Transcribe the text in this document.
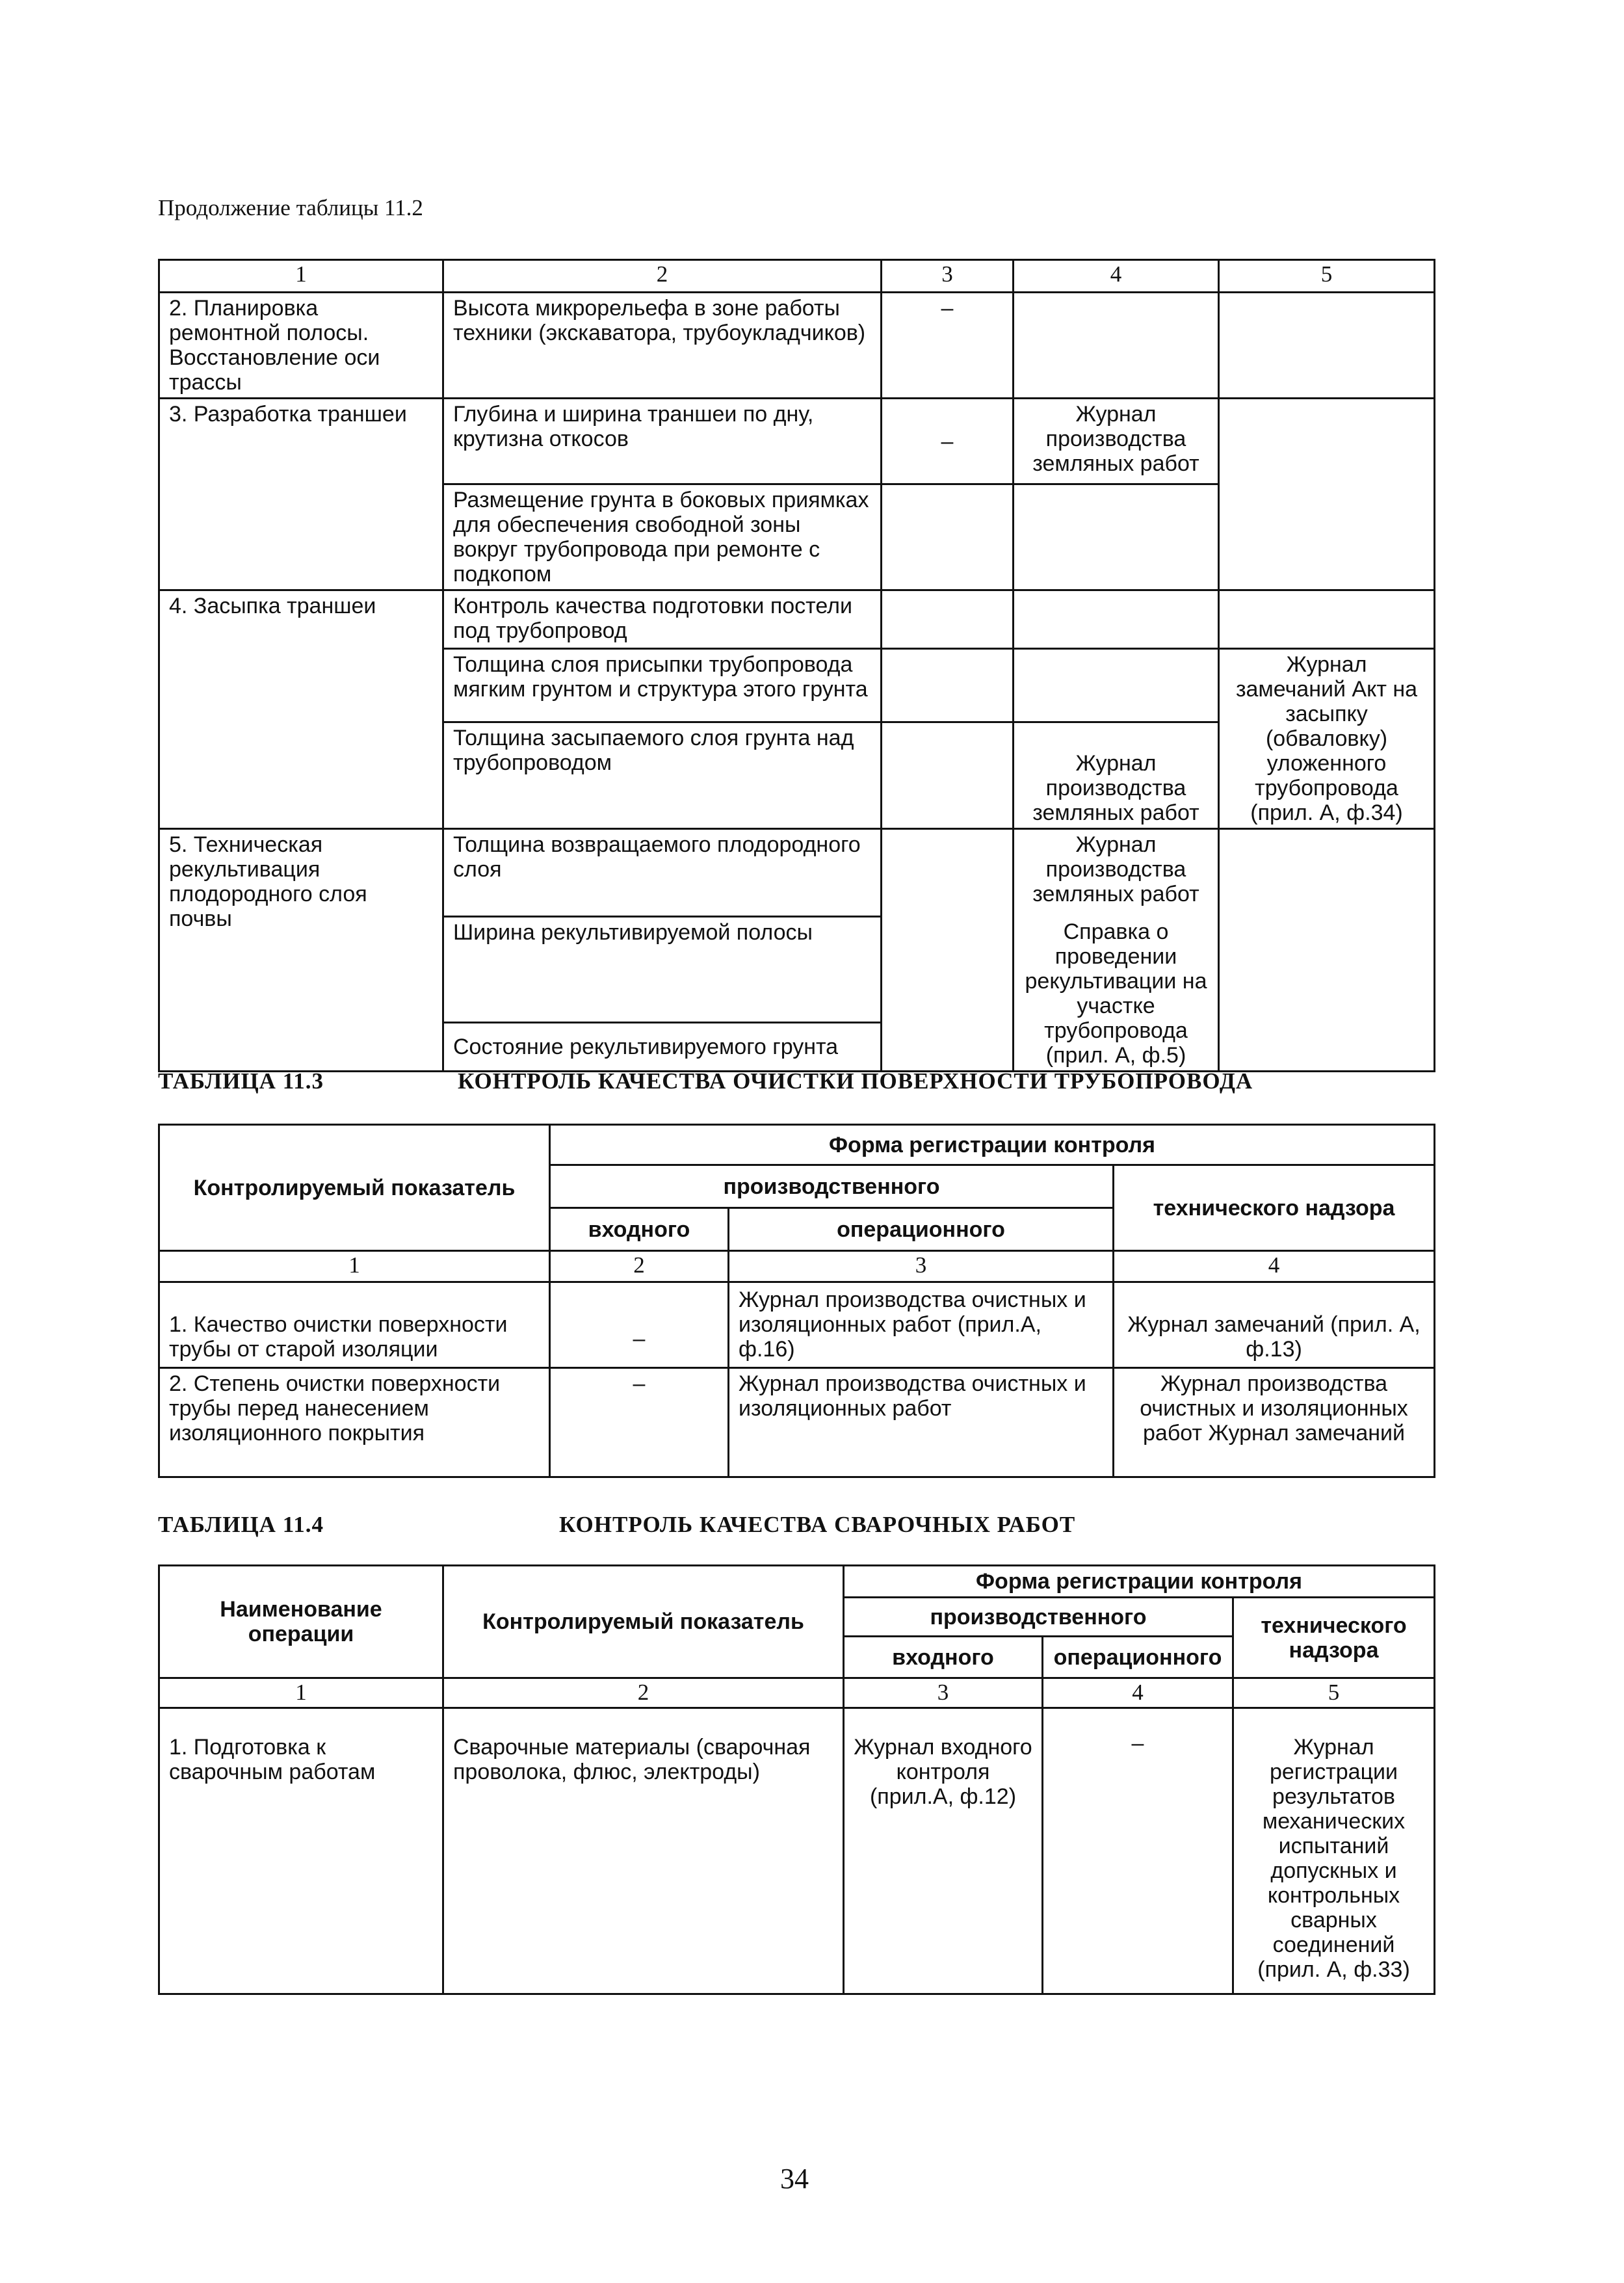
Продолжение таблицы 11.2
1	2	3	4	5
2. Планировка ремонтной полосы. Восстановление оси трассы	Высота микрорельефа в зоне работы техники (экскаватора, трубоукладчиков)	–		
3. Разработка траншеи	Глубина и ширина траншеи по дну, крутизна откосов	–	Журнал производства земляных работ	
	Размещение грунта в боковых приямках для обеспечения свободной зоны вокруг трубопровода при ремонте с подкопом			
4. Засыпка траншеи	Контроль качества подготовки постели под трубопровод			
	Толщина слоя присыпки трубопровода мягким грунтом и структура этого грунта			Журнал замечаний Акт на засыпку (обваловку) уложенного трубопровода (прил. А, ф.34)
	Толщина засыпаемого слоя грунта над трубопроводом		Журнал производства земляных работ	
5. Техническая рекультивация плодородного слоя почвы	Толщина возвращаемого плодородного слоя		Журнал производства земляных работ	
	Ширина рекультивируемой полосы		Справка о проведении рекультивации на участке трубопровода (прил. А, ф.5)	
	Состояние рекультивируемого грунта			
ТАБЛИЦА 11.3	КОНТРОЛЬ КАЧЕСТВА ОЧИСТКИ ПОВЕРХНОСТИ ТРУБОПРОВОДА
Контролируемый показатель	Форма регистрации контроля		
	производственного		технического надзора
	входного	операционного	
1	2	3	4
1. Качество очистки поверхности трубы от старой изоляции	–	Журнал производства очистных и изоляционных работ (прил.А, ф.16)	Журнал замечаний (прил. А, ф.13)
2. Степень очистки поверхности трубы перед нанесением изоляционного покрытия	–	Журнал производства очистных и изоляционных работ	Журнал производства очистных и изоляционных работ Журнал замечаний
ТАБЛИЦА 11.4	КОНТРОЛЬ КАЧЕСТВА СВАРОЧНЫХ РАБОТ
Наименование операции	Контролируемый показатель	Форма регистрации контроля		
		производственного		технического надзора
		входного	операционного	
1	2	3	4	5
1. Подготовка к сварочным работам	Сварочные материалы (сварочная проволока, флюс, электроды)	Журнал входного контроля (прил.А, ф.12)	–	Журнал регистрации результатов механических испытаний допускных и контрольных сварных соединений (прил. А, ф.33)
34
